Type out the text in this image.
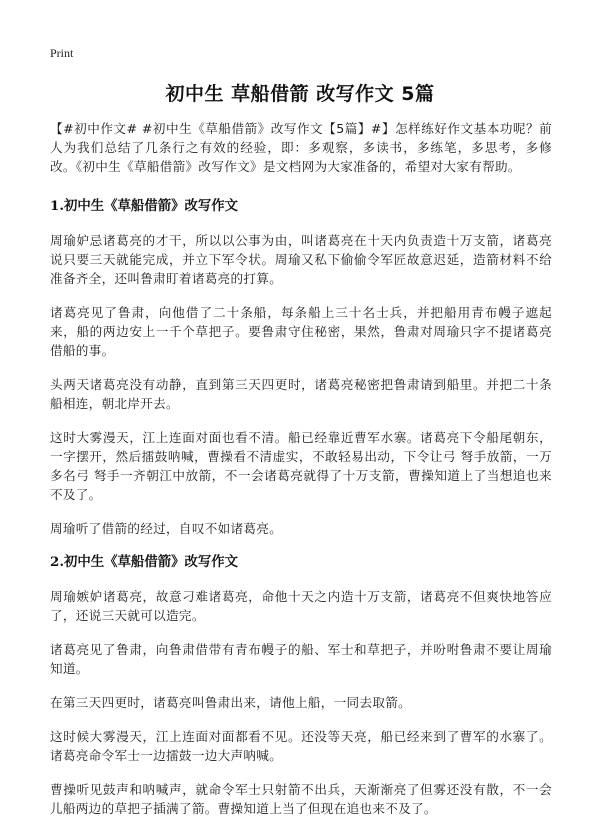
Print
初中生 草船借箭 改写作文 5篇

【#初中作文# #初中生《草船借箭》改写作文【5篇】#】怎样练好作文基本功呢？前人为我们总结了几条行之有效的经验，即：多观察，多读书，多练笔，多思考，多修改。《初中生《草船借箭》改写作文》是文档网为大家准备的，希望对大家有帮助。

1.初中生《草船借箭》改写作文

周瑜妒忌诸葛亮的才干，所以以公事为由，叫诸葛亮在十天内负责造十万支箭，诸葛亮说只要三天就能完成，并立下军令状。周瑜又私下偷偷令军匠故意迟延，造箭材料不给准备齐全，还叫鲁肃盯着诸葛亮的打算。

诸葛亮见了鲁肃，向他借了二十条船，每条船上三十名士兵，并把船用青布幔子遮起来，船的两边安上一千个草把子。要鲁肃守住秘密，果然，鲁肃对周瑜只字不提诸葛亮借船的事。

头两天诸葛亮没有动静，直到第三天四更时，诸葛亮秘密把鲁肃请到船里。并把二十条船相连，朝北岸开去。

这时大雾漫天，江上连面对面也看不清。船已经靠近曹军水寨。诸葛亮下令船尾朝东，一字摆开，然后擂鼓呐喊，曹操看不清虚实，不敢轻易出动，下令让弓 弩手放箭，一万多名弓 弩手一齐朝江中放箭，不一会诸葛亮就得了十万支箭，曹操知道上了当想追也来不及了。

周瑜听了借箭的经过，自叹不如诸葛亮。

2.初中生《草船借箭》改写作文

周瑜嫉妒诸葛亮，故意刁难诸葛亮，命他十天之内造十万支箭，诸葛亮不但爽快地答应了，还说三天就可以造完。

诸葛亮见了鲁肃，向鲁肃借带有青布幔子的船、军士和草把子，并吩咐鲁肃不要让周瑜知道。

在第三天四更时，诸葛亮叫鲁肃出来，请他上船，一同去取箭。

这时候大雾漫天，江上连面对面都看不见。还没等天亮，船已经来到了曹军的水寨了。诸葛亮命令军士一边擂鼓一边大声呐喊。

曹操听见鼓声和呐喊声，就命令军士只射箭不出兵，天渐渐亮了但雾还没有散，不一会儿船两边的草把子插满了箭。曹操知道上当了但现在追也来不及了。
